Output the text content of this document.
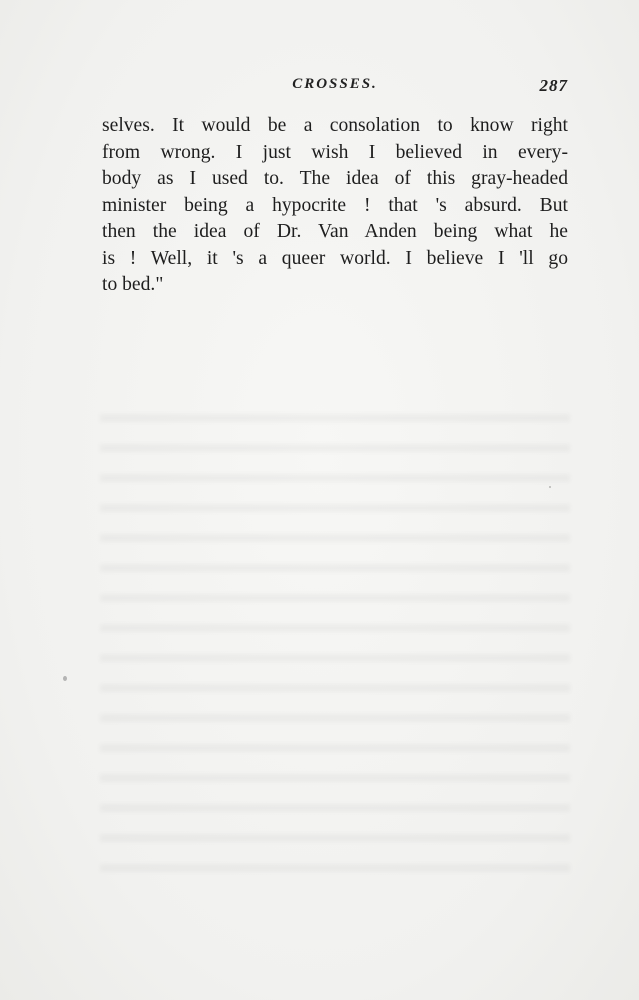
CROSSES.	287
selves. It would be a consolation to know right
from wrong. I just wish I believed in every-
body as I used to. The idea of this gray-headed
minister being a hypocrite ! that 's absurd. But
then the idea of Dr. Van Anden being what he
is ! Well, it 's a queer world. I believe I 'll go
to bed."
